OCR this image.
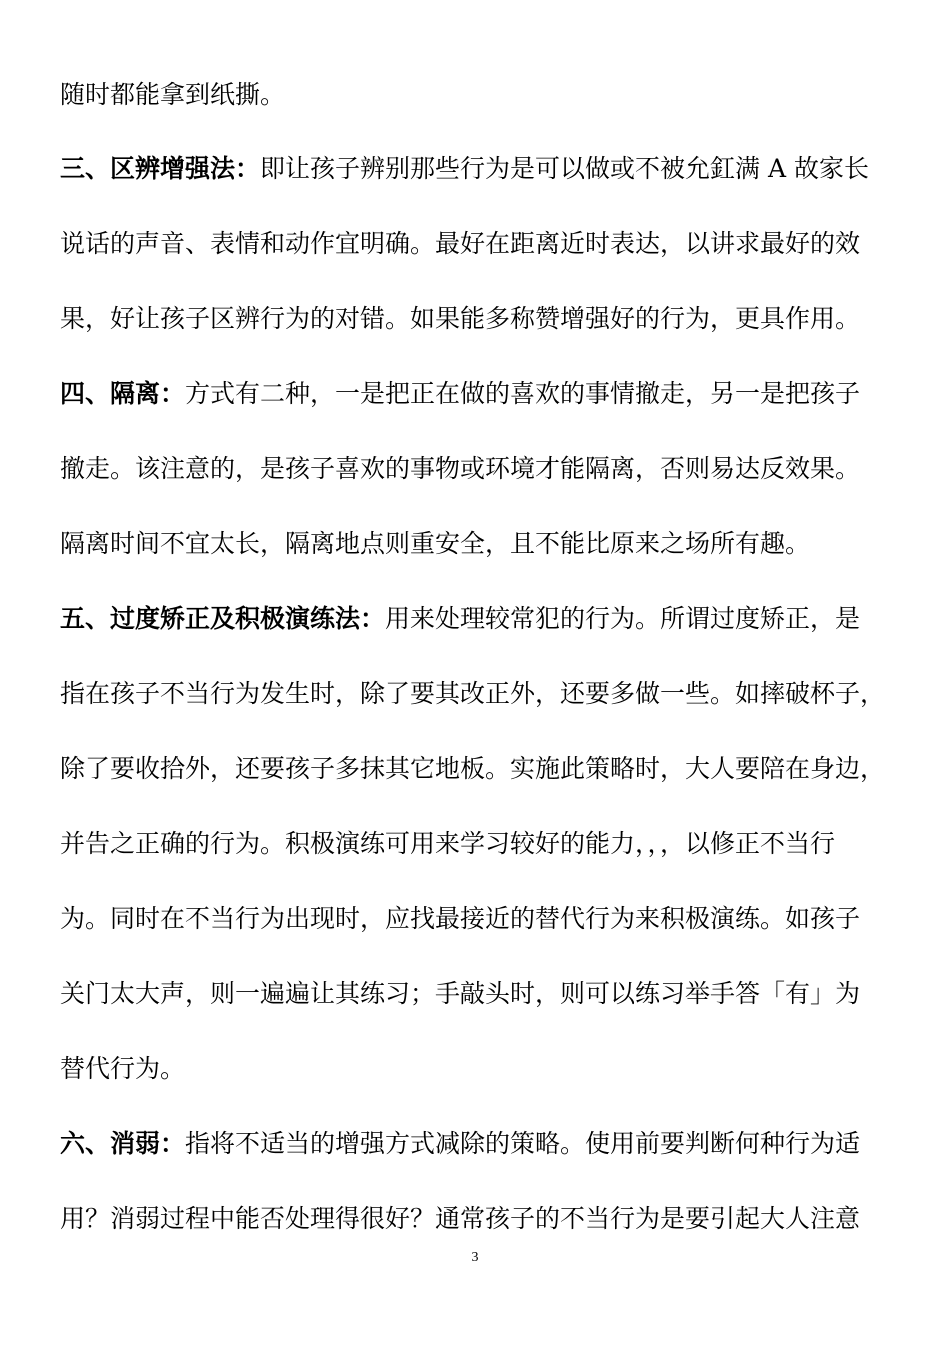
随时都能拿到纸撕。
三、区辨增强法：即让孩子辨别那些行为是可以做或不被允釭满 A 故家长
说话的声音、表情和动作宜明确。最好在距离近时表达，以讲求最好的效
果，好让孩子区辨行为的对错。如果能多称赞增强好的行为，更具作用。
四、隔离：方式有二种，一是把正在做的喜欢的事情撤走，另一是把孩子
撤走。该注意的，是孩子喜欢的事物或环境才能隔离，否则易达反效果。
隔离时间不宜太长，隔离地点则重安全，且不能比原来之场所有趣。
五、过度矫正及积极演练法：用来处理较常犯的行为。所谓过度矫正，是
指在孩子不当行为发生时，除了要其改正外，还要多做一些。如摔破杯子，
除了要收拾外，还要孩子多抹其它地板。实施此策略时，大人要陪在身边，
并告之正确的行为。积极演练可用来学习较好的能力，，，以修正不当行
为。同时在不当行为出现时，应找最接近的替代行为来积极演练。如孩子
关门太大声，则一遍遍让其练习；手敲头时，则可以练习举手答「有」为
替代行为。
六、消弱：指将不适当的增强方式减除的策略。使用前要判断何种行为适
用？消弱过程中能否处理得很好？通常孩子的不当行为是要引起大人注意
3
